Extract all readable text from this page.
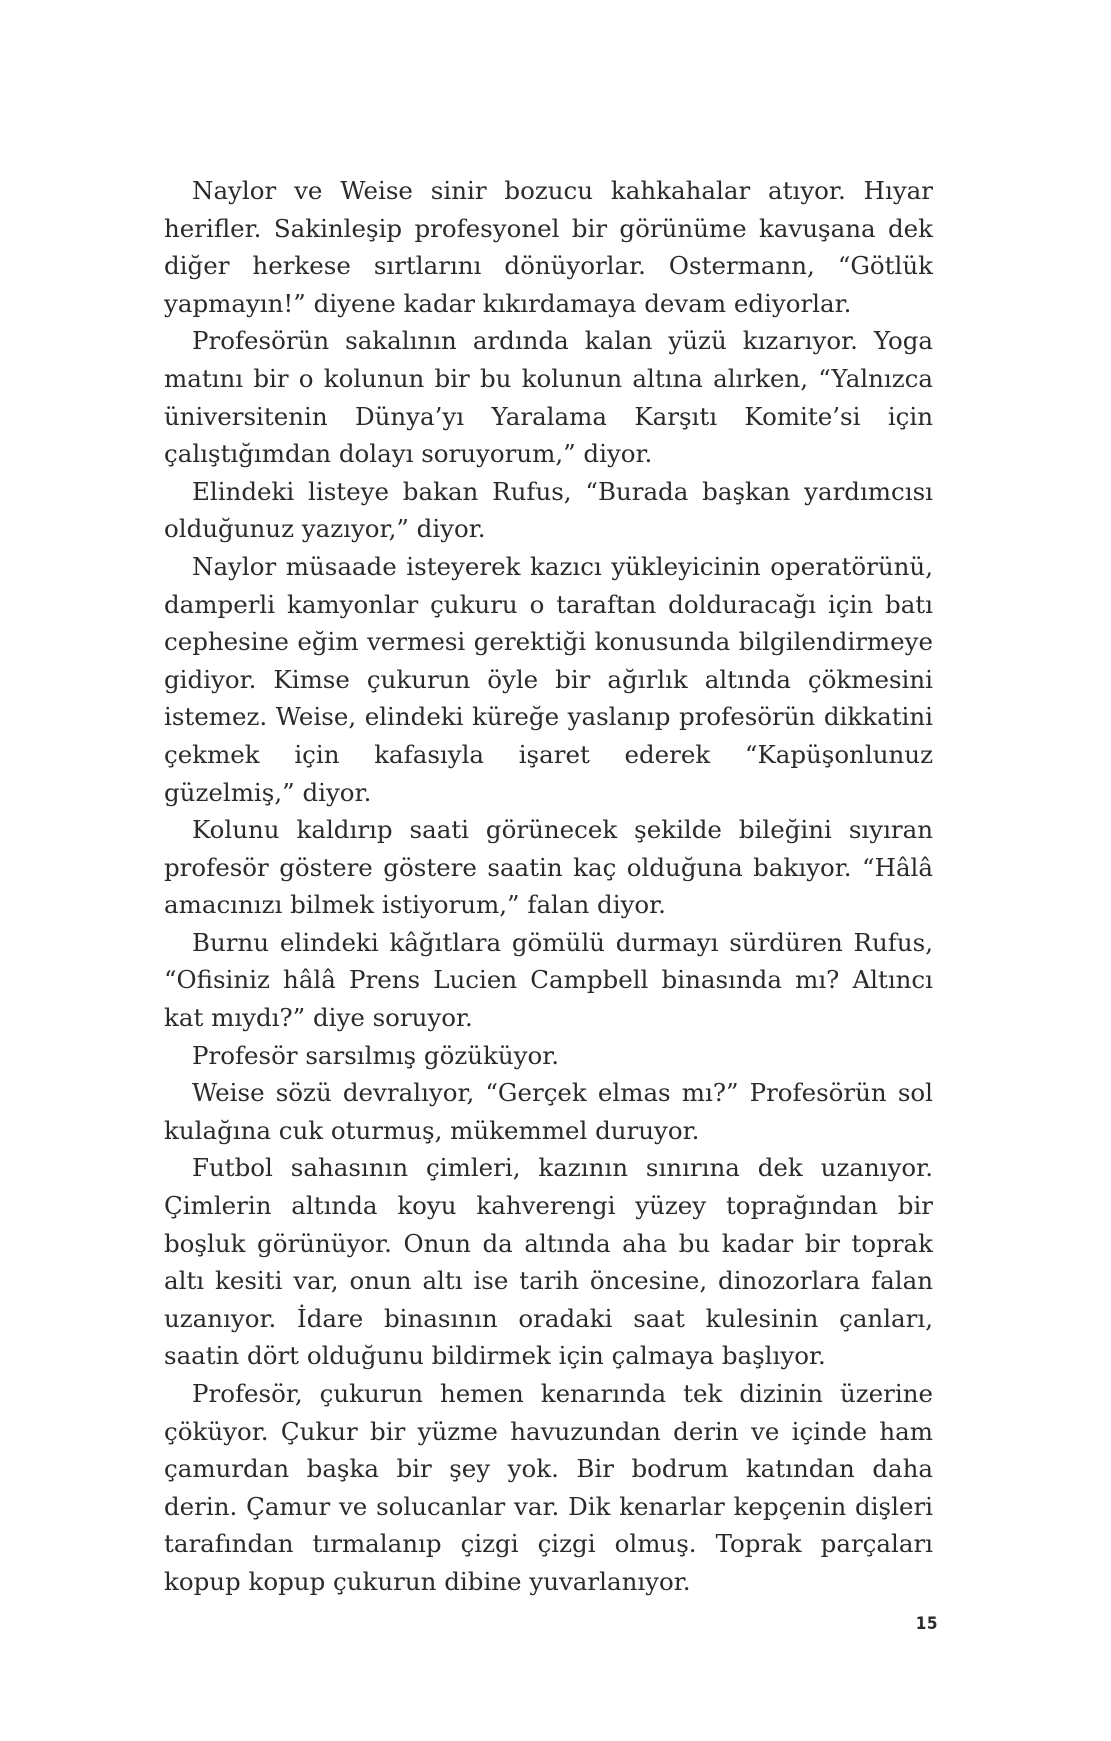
Naylor ve Weise sinir bozucu kahkahalar atıyor. Hıyar herifler. Sakinleşip profesyonel bir görünüme kavuşana dek diğer herkese sırtlarını dönüyorlar. Ostermann, “Götlük yapmayın!” diyene kadar kıkırdamaya devam ediyorlar.

Profesörün sakalının ardında kalan yüzü kızarıyor. Yoga matını bir o kolunun bir bu kolunun altına alırken, “Yalnızca üniversitenin Dünya’yı Yaralama Karşıtı Komite’si için çalıştığımdan dolayı soruyorum,” diyor.

Elindeki listeye bakan Rufus, “Burada başkan yardımcısı olduğunuz yazıyor,” diyor.

Naylor müsaade isteyerek kazıcı yükleyicinin operatörünü, damperli kamyonlar çukuru o taraftan dolduracağı için batı cephesine eğim vermesi gerektiği konusunda bilgilendirmeye gidiyor. Kimse çukurun öyle bir ağırlık altında çökmesini istemez. Weise, elindeki küreğe yaslanıp profesörün dikkatini çekmek için kafasıyla işaret ederek “Kapüşonlunuz güzelmiş,” diyor.

Kolunu kaldırıp saati görünecek şekilde bileğini sıyıran profesör göstere göstere saatin kaç olduğuna bakıyor. “Hâlâ amacınızı bilmek istiyorum,” falan diyor.

Burnu elindeki kâğıtlara gömülü durmayı sürdüren Rufus, “Ofisiniz hâlâ Prens Lucien Campbell binasında mı? Altıncı kat mıydı?” diye soruyor.

Profesör sarsılmış gözüküyor.

Weise sözü devralıyor, “Gerçek elmas mı?” Profesörün sol kulağına cuk oturmuş, mükemmel duruyor.

Futbol sahasının çimleri, kazının sınırına dek uzanıyor. Çimlerin altında koyu kahverengi yüzey toprağından bir boşluk görünüyor. Onun da altında aha bu kadar bir toprak altı kesiti var, onun altı ise tarih öncesine, dinozorlara falan uzanıyor. İdare binasının oradaki saat kulesinin çanları, saatin dört olduğunu bildirmek için çalmaya başlıyor.

Profesör, çukurun hemen kenarında tek dizinin üzerine çöküyor. Çukur bir yüzme havuzundan derin ve içinde ham çamurdan başka bir şey yok. Bir bodrum katından daha derin. Çamur ve solucanlar var. Dik kenarlar kepçenin dişleri tarafından tırmalanıp çizgi çizgi olmuş. Toprak parçaları kopup kopup çukurun dibine yuvarlanıyor.

15
